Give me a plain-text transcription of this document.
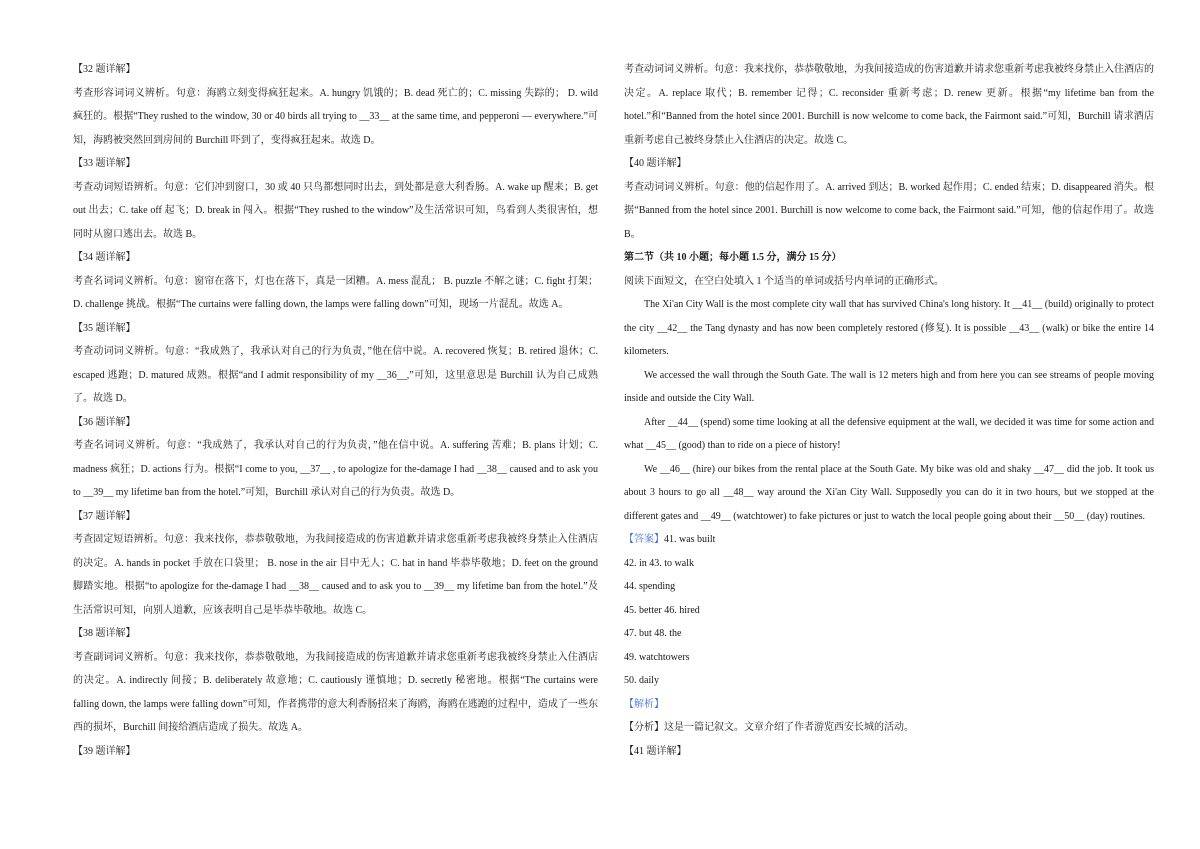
【32 题详解】

考查形容词词义辨析。句意：海鸥立刻变得疯狂起来。A. hungry 饥饿的；B. dead 死亡的；C. missing 失踪的； D. wild 疯狂的。根据“They rushed to the window, 30 or 40 birds all trying to __33__ at the same time, and pepperoni — everywhere.”可知，海鸥被突然回到房间的 Burchill 吓到了，变得疯狂起来。故选 D。

【33 题详解】

考查动词短语辨析。句意：它们冲到窗口，30 或 40 只鸟都想同时出去，到处都是意大利香肠。A. wake up 醒来；B. get out 出去；C. take off 起飞；D. break in 闯入。根据“They rushed to the window”及生活常识可知，鸟看到人类很害怕，想同时从窗口逃出去。故选 B。

【34 题详解】

考查名词词义辨析。句意：窗帘在落下，灯也在落下，真是一团糟。A. mess 混乱； B. puzzle 不解之谜；C. fight 打架；D. challenge 挑战。根据“The curtains were falling down, the lamps were falling down”可知，现场一片混乱。故选 A。

【35 题详解】

考查动词词义辨析。句意：“我成熟了，我承认对自己的行为负责，”他在信中说。A. recovered 恢复；B. retired 退休；C. escaped 逃跑；D. matured 成熟。根据“and I admit responsibility of my __36__,”可知，这里意思是 Burchill 认为自己成熟了。故选 D。

【36 题详解】

考查名词词义辨析。句意：“我成熟了，我承认对自己的行为负责，”他在信中说。A. suffering 苦难；B. plans 计划；C. madness 疯狂；D. actions 行为。根据“I come to you, __37__ , to apologize for the-damage I had __38__ caused and to ask you to __39__ my lifetime ban from the hotel.”可知，Burchill 承认对自己的行为负责。故选 D。

【37 题详解】

考查固定短语辨析。句意：我来找你，恭恭敬敬地，为我间接造成的伤害道歉并请求您重新考虑我被终身禁止入住酒店的决定。A. hands in pocket 手放在口袋里； B. nose in the air 目中无人；C. hat in hand 毕恭毕敬地；D. feet on the ground 脚踏实地。根据“to apologize for the-damage I had __38__ caused and to ask you to __39__ my lifetime ban from the hotel.”及生活常识可知，向别人道歉，应该表明自己是毕恭毕敬地。故选 C。

【38 题详解】

考查副词词义辨析。句意：我来找你，恭恭敬敬地，为我间接造成的伤害道歉并请求您重新考虑我被终身禁止入住酒店的决定。A. indirectly 间接；B. deliberately 故意地；C. cautiously 谨慎地；D. secretly 秘密地。根据“The curtains were falling down, the lamps were falling down”可知，作者携带的意大利香肠招来了海鸥，海鸥在逃跑的过程中，造成了一些东西的损坏，Burchill 间接给酒店造成了损失。故选 A。

【39 题详解】

考查动词词义辨析。句意：我来找你，恭恭敬敬地，为我间接造成的伤害道歉并请求您重新考虑我被终身禁止入住酒店的决定。A. replace 取代；B. remember 记得；C. reconsider 重新考虑；D. renew 更新。根据“my lifetime ban from the hotel.”和“Banned from the hotel since 2001. Burchill is now welcome to come back, the Fairmont said.”可知，Burchill 请求酒店重新考虑自己被终身禁止入住酒店的决定。故选 C。

【40 题详解】

考查动词词义辨析。句意：他的信起作用了。A. arrived 到达；B. worked 起作用；C. ended 结束；D. disappeared 消失。根据“Banned from the hotel since 2001. Burchill is now welcome to come back, the Fairmont said.”可知，他的信起作用了。故选 B。

第二节（共 10 小题；每小题 1.5 分，满分 15 分）

阅读下面短文，在空白处填入 1 个适当的单词或括号内单词的正确形式。

The Xi'an City Wall is the most complete city wall that has survived China's long history. It __41__ (build) originally to protect the city __42__ the Tang dynasty and has now been completely restored (修复). It is possible __43__ (walk) or bike the entire 14 kilometers.

We accessed the wall through the South Gate. The wall is 12 meters high and from here you can see streams of people moving inside and outside the City Wall.

After __44__ (spend) some time looking at all the defensive equipment at the wall, we decided it was time for some action and what __45__ (good) than to ride on a piece of history!

We __46__ (hire) our bikes from the rental place at the South Gate. My bike was old and shaky __47__ did the job. It took us about 3 hours to go all __48__ way around the Xi'an City Wall. Supposedly you can do it in two hours, but we stopped at the different gates and __49__ (watchtower) to fake pictures or just to watch the local people going about their __50__ (day) routines.

【答案】41. was built

42. in 43. to walk

44. spending

45. better 46. hired

47. but 48. the

49. watchtowers

50. daily

【解析】

【分析】这是一篇记叙文。文章介绍了作者游览西安长城的活动。

【41 题详解】
